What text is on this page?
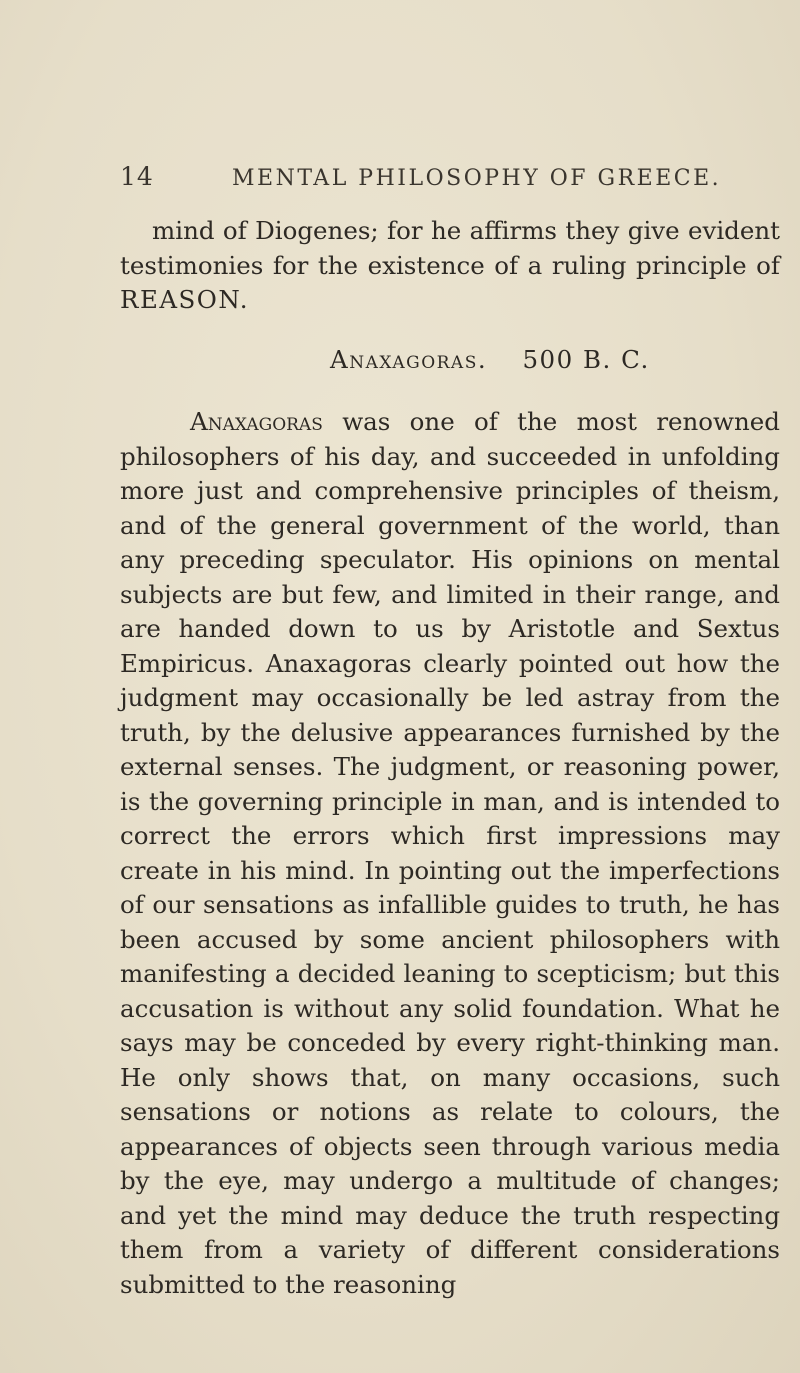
14	MENTAL PHILOSOPHY OF GREECE.

mind of Diogenes; for he affirms they give evident testimonies for the existence of a ruling principle of REASON.

Anaxagoras. 500 B. C.

Anaxagoras was one of the most renowned philosophers of his day, and succeeded in unfolding more just and comprehensive principles of theism, and of the general government of the world, than any preceding speculator. His opinions on mental subjects are but few, and limited in their range, and are handed down to us by Aristotle and Sextus Empiricus. Anaxagoras clearly pointed out how the judgment may occasionally be led astray from the truth, by the delusive appearances furnished by the external senses. The judgment, or reasoning power, is the governing principle in man, and is intended to correct the errors which first impressions may create in his mind. In pointing out the imperfections of our sensations as infallible guides to truth, he has been accused by some ancient philosophers with manifesting a decided leaning to scepticism; but this accusation is without any solid foundation. What he says may be conceded by every right-thinking man. He only shows that, on many occasions, such sensations or notions as relate to colours, the appearances of objects seen through various media by the eye, may undergo a multitude of changes; and yet the mind may deduce the truth respecting them from a variety of different considerations submitted to the reasoning
